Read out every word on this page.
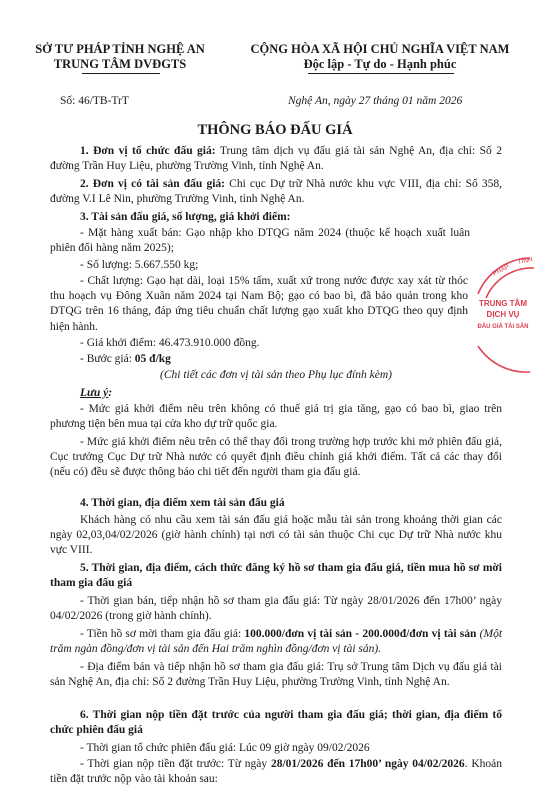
SỞ TƯ PHÁP TỈNH NGHỆ AN
TRUNG TÂM DVĐGTS
CỘNG HÒA XÃ HỘI CHỦ NGHĨA VIỆT NAM
Độc lập - Tự do - Hạnh phúc
Số: 46/TB-TrT	Nghệ An, ngày 27 tháng 01 năm 2026
THÔNG BÁO ĐẤU GIÁ
1. Đơn vị tổ chức đấu giá: Trung tâm dịch vụ đấu giá tài sản Nghệ An, địa chỉ: Số 2 đường Trần Huy Liệu, phường Trường Vinh, tỉnh Nghệ An.
2. Đơn vị có tài sản đấu giá: Chi cục Dự trữ Nhà nước khu vực VIII, địa chỉ: Số 358, đường V.I Lê Nin, phường Trường Vinh, tỉnh Nghệ An.
3. Tài sản đấu giá, số lượng, giá khởi điểm:
- Mặt hàng xuất bán: Gạo nhập kho DTQG năm 2024 (thuộc kế hoạch xuất luân phiên đổi hàng năm 2025);
- Số lượng: 5.667.550 kg;
- Chất lượng: Gạo hạt dài, loại 15% tấm, xuất xứ trong nước được xay xát từ thóc thu hoạch vụ Đông Xuân năm 2024 tại Nam Bộ; gạo có bao bì, đã bảo quản trong kho DTQG trên 16 tháng, đáp ứng tiêu chuẩn chất lượng gạo xuất kho DTQG theo quy định hiện hành.
- Giá khởi điểm: 46.473.910.000 đồng.
- Bước giá: 05 đ/kg
(Chi tiết các đơn vị tài sản theo Phụ lục đính kèm)
Lưu ý:
- Mức giá khởi điểm nêu trên không có thuế giá trị gia tăng, gạo có bao bì, giao trên phương tiện bên mua tại cửa kho dự trữ quốc gia.
- Mức giá khởi điểm nêu trên có thể thay đổi trong trường hợp trước khi mở phiên đấu giá, Cục trưởng Cục Dự trữ Nhà nước có quyết định điều chỉnh giá khởi điểm. Tất cả các thay đổi (nếu có) đều sẽ được thông báo chi tiết đến người tham gia đấu giá.
4. Thời gian, địa điểm xem tài sản đấu giá
Khách hàng có nhu cầu xem tài sản đấu giá hoặc mẫu tài sản trong khoảng thời gian các ngày 02,03,04/02/2026 (giờ hành chính) tại nơi có tài sản thuộc Chi cục Dự trữ Nhà nước khu vực VIII.
5. Thời gian, địa điểm, cách thức đăng ký hồ sơ tham gia đấu giá, tiền mua hồ sơ mời tham gia đấu giá
- Thời gian bán, tiếp nhận hồ sơ tham gia đấu giá: Từ ngày 28/01/2026 đến 17h00’ ngày 04/02/2026 (trong giờ hành chính).
- Tiền hồ sơ mời tham gia đấu giá: 100.000/đơn vị tài sản - 200.000đ/đơn vị tài sản (Một trăm ngàn đồng/đơn vị tài sản đến Hai trăm nghìn đồng/đơn vị tài sản).
- Địa điểm bán và tiếp nhận hồ sơ tham gia đấu giá: Trụ sở Trung tâm Dịch vụ đấu giá tài sản Nghệ An, địa chỉ: Số 2 đường Trần Huy Liệu, phường Trường Vinh, tỉnh Nghệ An.
6. Thời gian nộp tiền đặt trước của người tham gia đấu giá; thời gian, địa điểm tổ chức phiên đấu giá
- Thời gian tổ chức phiên đấu giá: Lúc 09 giờ ngày 09/02/2026
- Thời gian nộp tiền đặt trước: Từ ngày 28/01/2026 đến 17h00’ ngày 04/02/2026. Khoản tiền đặt trước nộp vào tài khoản sau:
PHÁP
TỈNH
TRUNG TÂM
DỊCH VỤ
ĐẤU GIÁ TÀI SẢN
